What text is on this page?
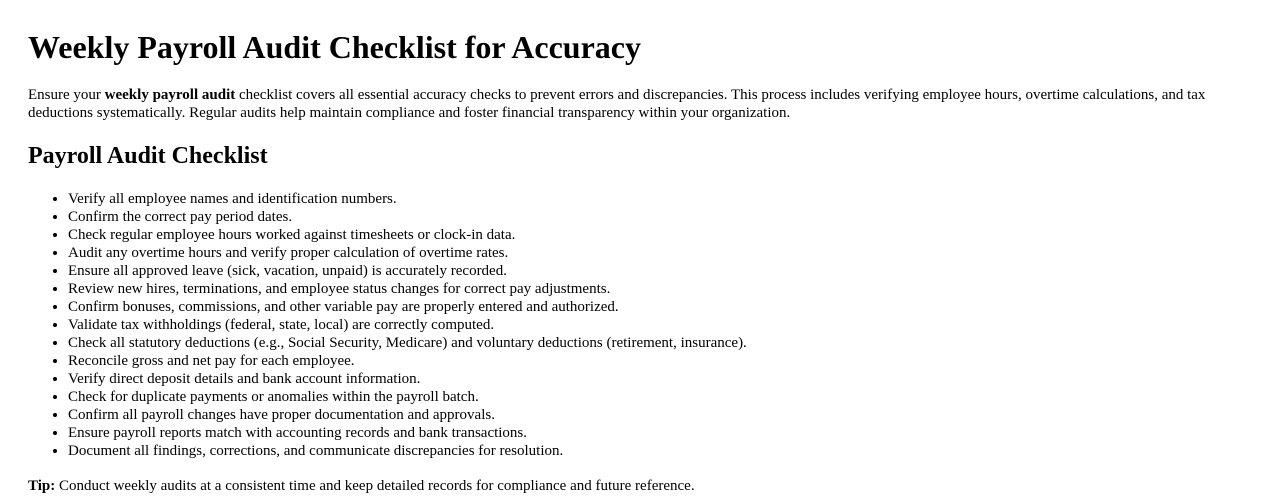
Weekly Payroll Audit Checklist for Accuracy

Ensure your weekly payroll audit checklist covers all essential accuracy checks to prevent errors and discrepancies. This process includes verifying employee hours, overtime calculations, and tax deductions systematically. Regular audits help maintain compliance and foster financial transparency within your organization.

Payroll Audit Checklist
• Verify all employee names and identification numbers.
• Confirm the correct pay period dates.
• Check regular employee hours worked against timesheets or clock-in data.
• Audit any overtime hours and verify proper calculation of overtime rates.
• Ensure all approved leave (sick, vacation, unpaid) is accurately recorded.
• Review new hires, terminations, and employee status changes for correct pay adjustments.
• Confirm bonuses, commissions, and other variable pay are properly entered and authorized.
• Validate tax withholdings (federal, state, local) are correctly computed.
• Check all statutory deductions (e.g., Social Security, Medicare) and voluntary deductions (retirement, insurance).
• Reconcile gross and net pay for each employee.
• Verify direct deposit details and bank account information.
• Check for duplicate payments or anomalies within the payroll batch.
• Confirm all payroll changes have proper documentation and approvals.
• Ensure payroll reports match with accounting records and bank transactions.
• Document all findings, corrections, and communicate discrepancies for resolution.

Tip: Conduct weekly audits at a consistent time and keep detailed records for compliance and future reference.
